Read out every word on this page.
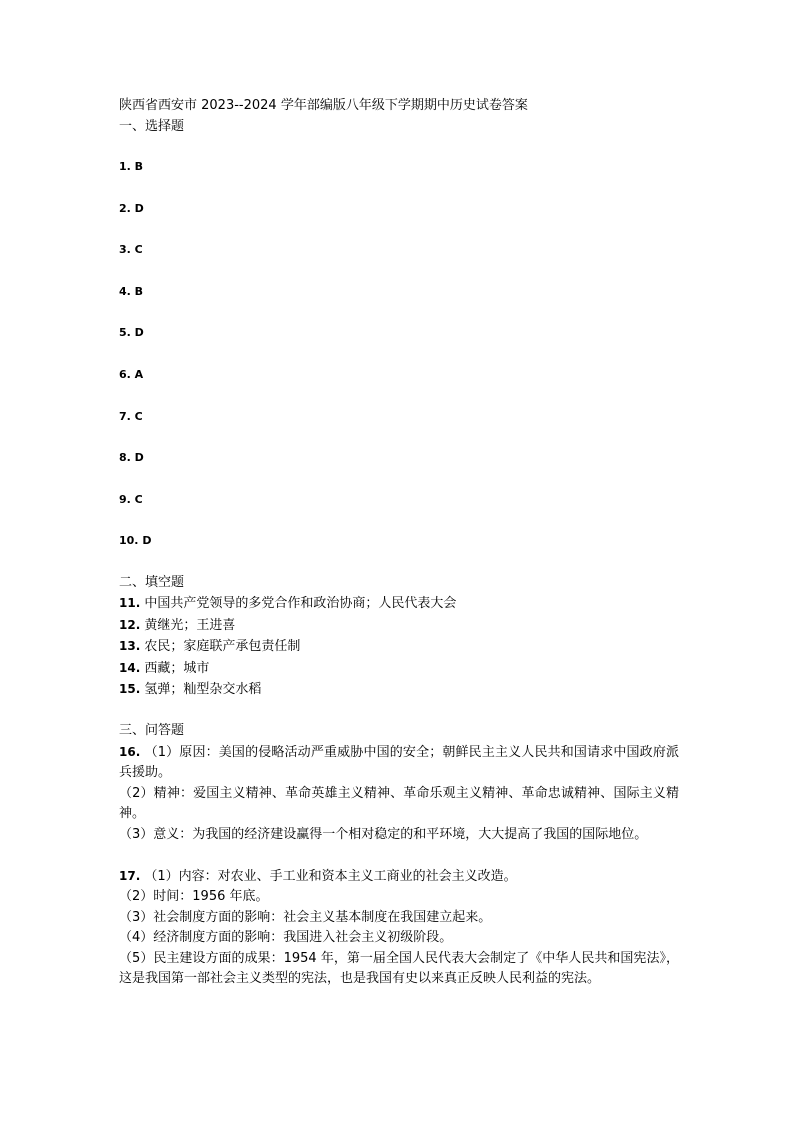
陕西省西安市 2023--2024 学年部编版八年级下学期期中历史试卷答案

一、选择题

1. B

2. D

3. C

4. B

5. D

6. A

7. C

8. D

9. C

10. D

二、填空题

11. 中国共产党领导的多党合作和政治协商；人民代表大会

12. 黄继光；王进喜

13. 农民；家庭联产承包责任制

14. 西藏；城市

15. 氢弹；籼型杂交水稻

三、问答题

16. （1）原因：美国的侵略活动严重威胁中国的安全；朝鲜民主主义人民共和国请求中国政府派兵援助。

（2）精神：爱国主义精神、革命英雄主义精神、革命乐观主义精神、革命忠诚精神、国际主义精神。

（3）意义：为我国的经济建设赢得一个相对稳定的和平环境，大大提高了我国的国际地位。

17. （1）内容：对农业、手工业和资本主义工商业的社会主义改造。

（2）时间：1956 年底。

（3）社会制度方面的影响：社会主义基本制度在我国建立起来。

（4）经济制度方面的影响：我国进入社会主义初级阶段。

（5）民主建设方面的成果：1954 年，第一届全国人民代表大会制定了《中华人民共和国宪法》，这是我国第一部社会主义类型的宪法，也是我国有史以来真正反映人民利益的宪法。
